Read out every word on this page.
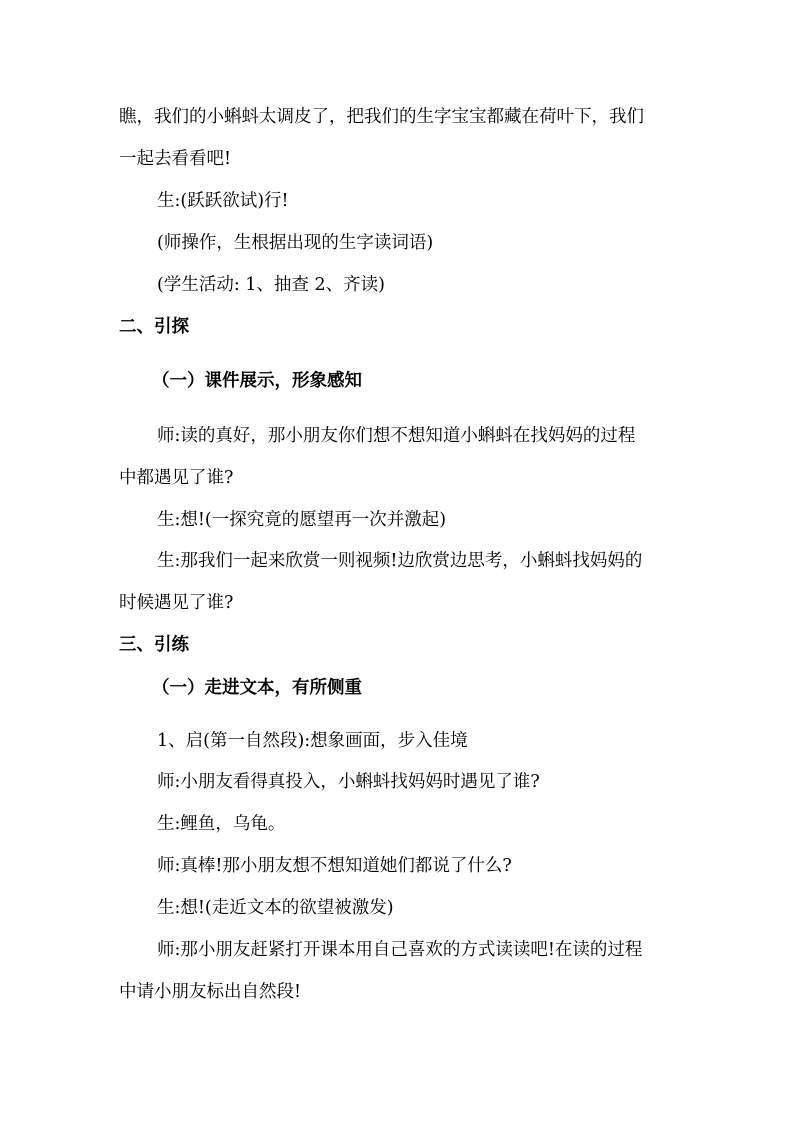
瞧，我们的小蝌蚪太调皮了，把我们的生字宝宝都藏在荷叶下，我们
一起去看看吧!
生:(跃跃欲试)行!
(师操作，生根据出现的生字读词语)
(学生活动: 1、抽查 2、齐读)
二、引探
（一）课件展示，形象感知
师:读的真好，那小朋友你们想不想知道小蝌蚪在找妈妈的过程
中都遇见了谁?
生:想!(一探究竟的愿望再一次并激起)
生:那我们一起来欣赏一则视频!边欣赏边思考，小蝌蚪找妈妈的
时候遇见了谁?
三、引练
（一）走进文本，有所侧重
1、启(第一自然段):想象画面，步入佳境
师:小朋友看得真投入，小蝌蚪找妈妈时遇见了谁?
生:鲤鱼，乌龟。
师:真棒!那小朋友想不想知道她们都说了什么?
生:想!(走近文本的欲望被激发)
师:那小朋友赶紧打开课本用自己喜欢的方式读读吧!在读的过程
中请小朋友标出自然段!
